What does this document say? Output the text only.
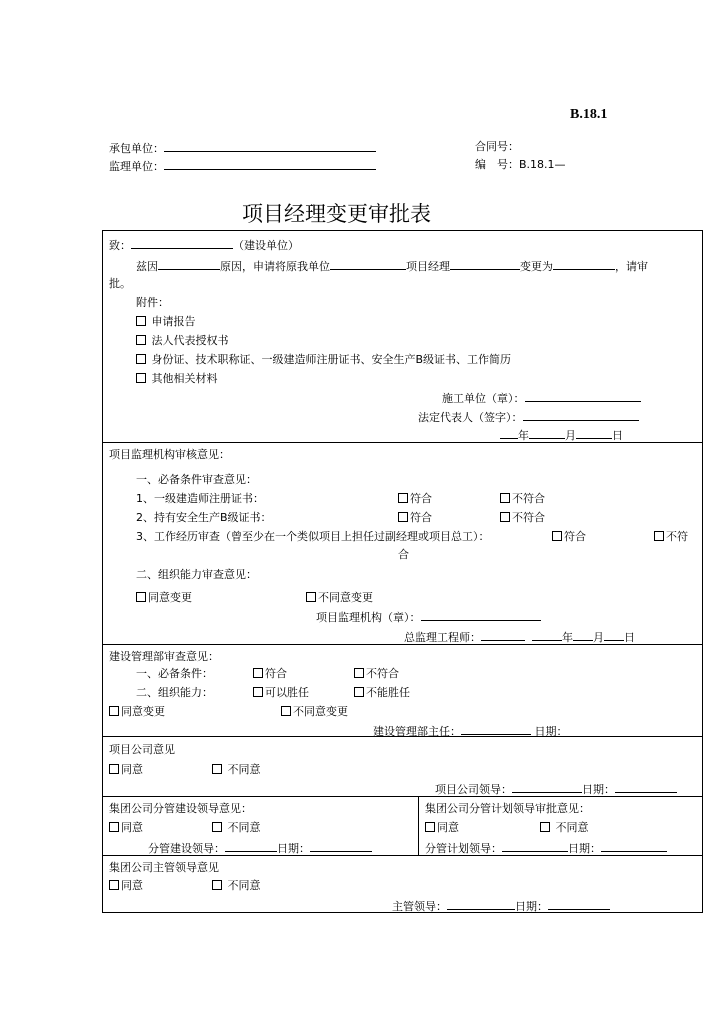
B.18.1
承包单位：
监理单位：
合同号：
编　号：B.18.1—
项目经理变更审批表
致：	（建设单位）
兹因	原因，申请将原我单位	项目经理	变更为	，请审
批。
附件：
申请报告
法人代表授权书
身份证、技术职称证、一级建造师注册证书、安全生产B级证书、工作简历
其他相关材料
施工单位（章）：
法定代表人（签字）：
年	月	日
项目监理机构审核意见：
一、必备条件审查意见：
1、一级建造师注册证书：	符合	不符合
2、持有安全生产B级证书：	符合	不符合
3、工作经历审查（曾至少在一个类似项目上担任过副经理或项目总工）：	符合	不符
合
二、组织能力审查意见：
同意变更	不同意变更
项目监理机构（章）：
总监理工程师：	年 月 日
建设管理部审查意见：
一、必备条件：	符合	不符合
二、组织能力：	可以胜任	不能胜任
同意变更	不同意变更
建设管理部主任：	日期：
项目公司意见
同意	不同意
项目公司领导：	日期：
集团公司分管建设领导意见：	集团公司分管计划领导审批意见：
同意	不同意	同意	不同意
分管建设领导：	日期：	分管计划领导：	日期：
集团公司主管领导意见
同意	不同意
主管领导：	日期：
